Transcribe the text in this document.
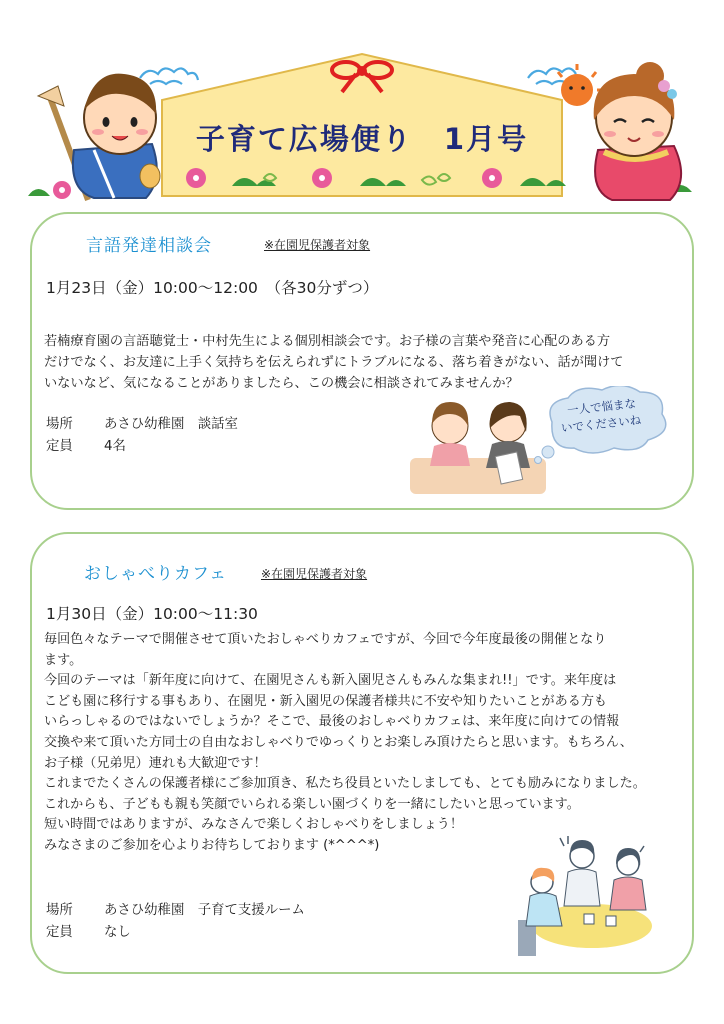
子育て広場便り　1月号
言語発達相談会	※在園児保護者対象
1月23日（金）10:00～12:00　（各30分ずつ）
若楠療育園の言語聴覚士・中村先生による個別相談会です。お子様の言葉や発音に心配のある方
だけでなく、お友達に上手く気持ちを伝えられずにトラブルになる、落ち着きがない、話が聞けて
いないなど、気になることがありましたら、この機会に相談されてみませんか？
場所	あさひ幼稚園　談話室
定員	4名
一人で悩まな
いでくださいね
おしゃべりカフェ	※在園児保護者対象
1月30日（金）10:00～11:30
毎回色々なテーマで開催させて頂いたおしゃべりカフェですが、今回で今年度最後の開催となり
ます。
今回のテーマは「新年度に向けて、在園児さんも新入園児さんもみんな集まれ!!」です。来年度は
こども園に移行する事もあり、在園児・新入園児の保護者様共に不安や知りたいことがある方も
いらっしゃるのではないでしょうか？そこで、最後のおしゃべりカフェは、来年度に向けての情報
交換や来て頂いた方同士の自由なおしゃべりでゆっくりとお楽しみ頂けたらと思います。もちろん、
お子様（兄弟児）連れも大歓迎です！
これまでたくさんの保護者様にご参加頂き、私たち役員といたしましても、とても励みになりました。
これからも、子どもも親も笑顔でいられる楽しい園づくりを一緒にしたいと思っています。
短い時間ではありますが、みなさんで楽しくおしゃべりをしましょう！
みなさまのご参加を心よりお待ちしております (*^^^*)
場所	あさひ幼稚園　子育て支援ルーム
定員	なし
